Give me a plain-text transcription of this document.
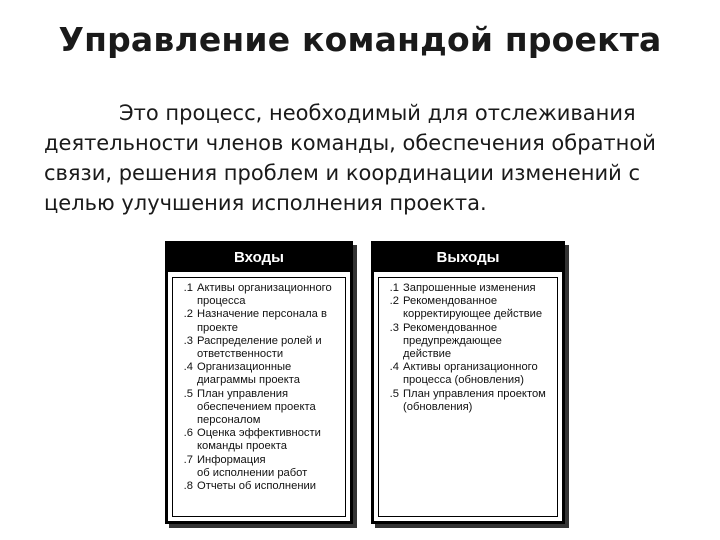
Управление командой проекта
Это процесс, необходимый для отслеживания
деятельности членов команды, обеспечения обратной
связи, решения проблем и координации изменений с
целью улучшения исполнения проекта.
Входы
.1 Активы организационного
процесса
.2 Назначение персонала в
проекте
.3 Распределение ролей и
ответственности
.4 Организационные
диаграммы проекта
.5 План управления
обеспечением проекта
персоналом
.6 Оценка эффективности
команды проекта
.7 Информация
об исполнении работ
.8 Отчеты об исполнении
Выходы
.1 Запрошенные изменения
.2 Рекомендованное
корректирующее действие
.3 Рекомендованное
предупреждающее
действие
.4 Активы организационного
процесса (обновления)
.5 План управления проектом
(обновления)
